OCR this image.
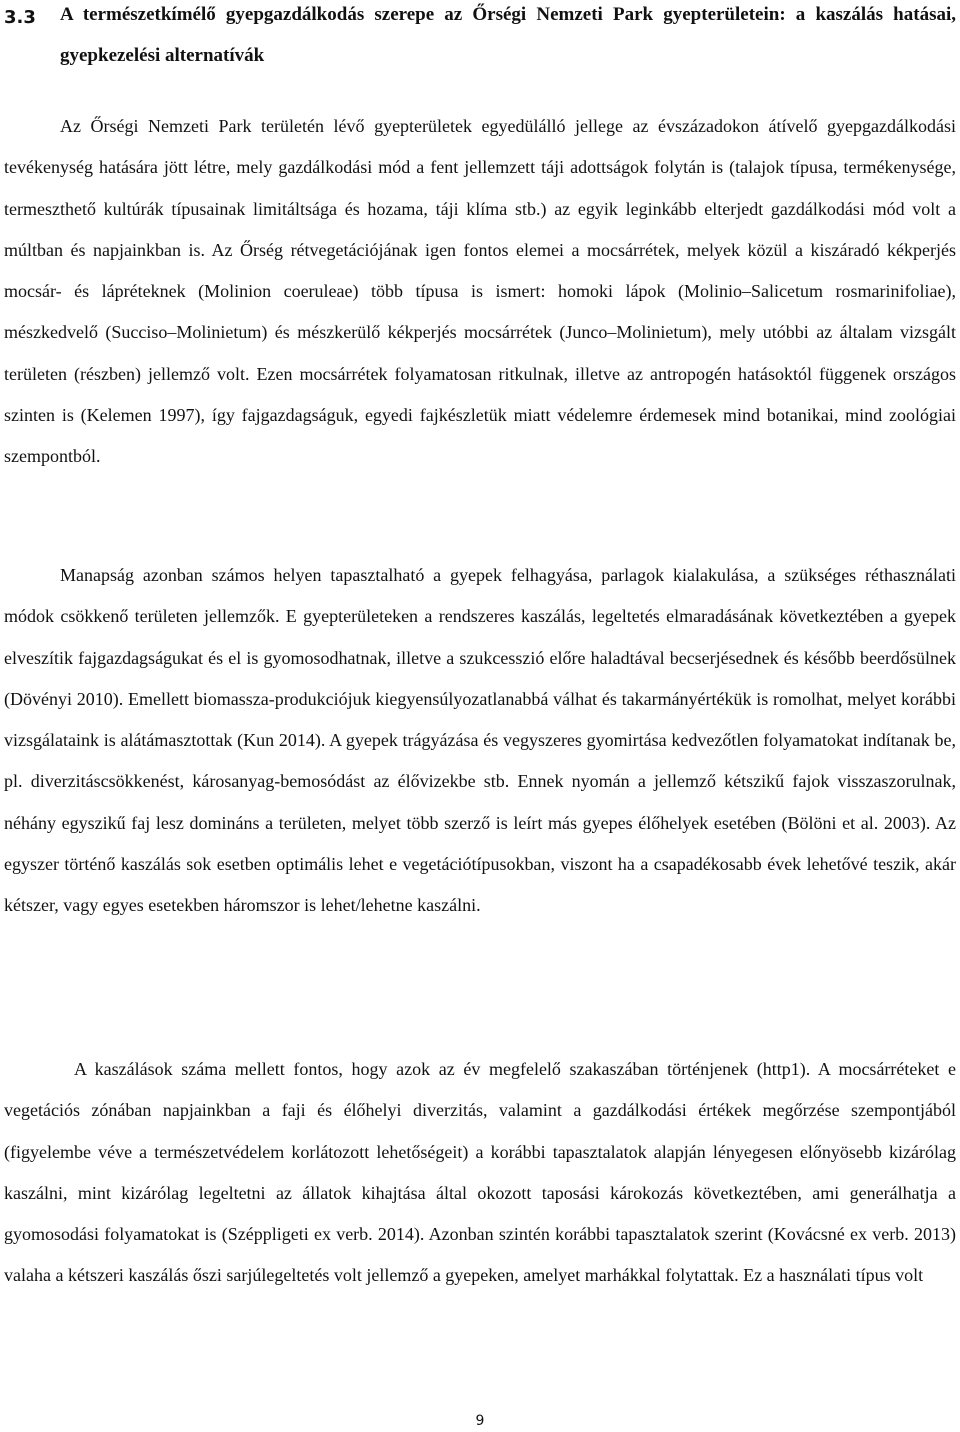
3.3	A természetkímélő gyepgazdálkodás szerepe az Őrségi Nemzeti Park gyepterületein: a kaszálás hatásai, gyepkezelési alternatívák

Az Őrségi Nemzeti Park területén lévő gyepterületek egyedülálló jellege az évszázadokon átívelő gyepgazdálkodási tevékenység hatására jött létre, mely gazdálkodási mód a fent jellemzett táji adottságok folytán is (talajok típusa, termékenysége, termeszthető kultúrák típusainak limitáltsága és hozama, táji klíma stb.) az egyik leginkább elterjedt gazdálkodási mód volt a múltban és napjainkban is. Az Őrség rétvegetációjának igen fontos elemei a mocsárrétek, melyek közül a kiszáradó kékperjés mocsár- és lápréteknek (Molinion coeruleae) több típusa is ismert: homoki lápok (Molinio–Salicetum rosmarinifoliae), mészkedvelő (Succiso–Molinietum) és mészkerülő kékperjés mocsárrétek (Junco–Molinietum), mely utóbbi az általam vizsgált területen (részben) jellemző volt. Ezen mocsárrétek folyamatosan ritkulnak, illetve az antropogén hatásoktól függenek országos szinten is (Kelemen 1997), így fajgazdagságuk, egyedi fajkészletük miatt védelemre érdemesek mind botanikai, mind zoológiai szempontból.

Manapság azonban számos helyen tapasztalható a gyepek felhagyása, parlagok kialakulása, a szükséges réthasználati módok csökkenő területen jellemzők. E gyepterületeken a rendszeres kaszálás, legeltetés elmaradásának következtében a gyepek elveszítik fajgazdagságukat és el is gyomosodhatnak, illetve a szukcesszió előre haladtával becserjésednek és később beerdősülnek (Dövényi 2010). Emellett biomassza-produkciójuk kiegyensúlyozatlanabbá válhat és takarmányértékük is romolhat, melyet korábbi vizsgálataink is alátámasztottak (Kun 2014). A gyepek trágyázása és vegyszeres gyomirtása kedvezőtlen folyamatokat indítanak be, pl. diverzitáscsökkenést, károsanyag-bemosódást az élővizekbe stb. Ennek nyomán a jellemző kétszikű fajok visszaszorulnak, néhány egyszikű faj lesz domináns a területen, melyet több szerző is leírt más gyepes élőhelyek esetében (Bölöni et al. 2003). Az egyszer történő kaszálás sok esetben optimális lehet e vegetációtípusokban, viszont ha a csapadékosabb évek lehetővé teszik, akár kétszer, vagy egyes esetekben háromszor is lehet/lehetne kaszálni.

A kaszálások száma mellett fontos, hogy azok az év megfelelő szakaszában történjenek (http1). A mocsárréteket e vegetációs zónában napjainkban a faji és élőhelyi diverzitás, valamint a gazdálkodási értékek megőrzése szempontjából (figyelembe véve a természetvédelem korlátozott lehetőségeit) a korábbi tapasztalatok alapján lényegesen előnyösebb kizárólag kaszálni, mint kizárólag legeltetni az állatok kihajtása által okozott taposási károkozás következtében, ami generálhatja a gyomosodási folyamatokat is (Széppligeti ex verb. 2014). Azonban szintén korábbi tapasztalatok szerint (Kovácsné ex verb. 2013) valaha a kétszeri kaszálás őszi sarjúlegeltetés volt jellemző a gyepeken, amelyet marhákkal folytattak. Ez a használati típus volt

9
